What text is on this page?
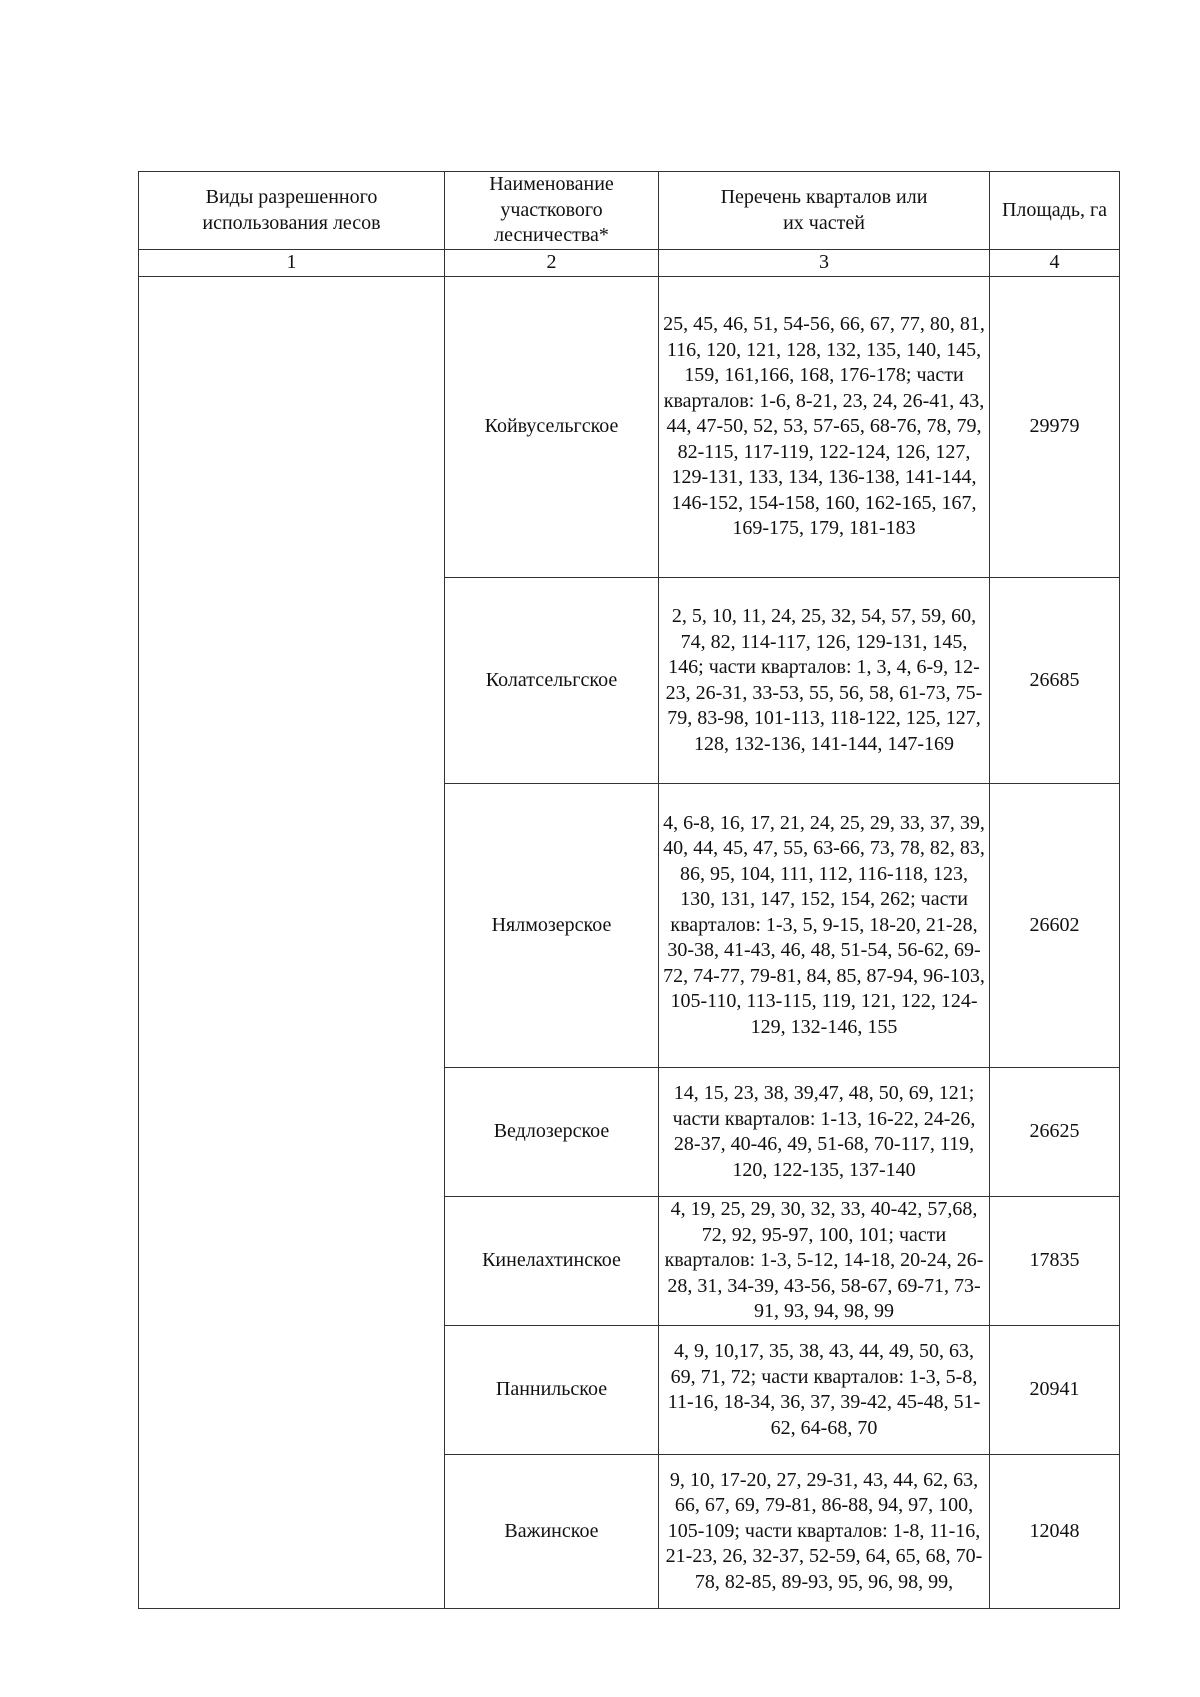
Виды разрешенного использования лесов	Наименование участкового лесничества*	Перечень кварталов или их частей	Площадь, га
1	2	3	4
	Койвусельгское	25, 45, 46, 51, 54-56, 66, 67, 77, 80, 81, 116, 120, 121, 128, 132, 135, 140, 145, 159, 161,166, 168, 176-178; части кварталов: 1-6, 8-21, 23, 24, 26-41, 43, 44, 47-50, 52, 53, 57-65, 68-76, 78, 79, 82-115, 117-119, 122-124, 126, 127, 129-131, 133, 134, 136-138, 141-144, 146-152, 154-158, 160, 162-165, 167, 169-175, 179, 181-183	29979
	Колатсельгское	2, 5, 10, 11, 24, 25, 32, 54, 57, 59, 60, 74, 82, 114-117, 126, 129-131, 145, 146; части кварталов: 1, 3, 4, 6-9, 12-23, 26-31, 33-53, 55, 56, 58, 61-73, 75-79, 83-98, 101-113, 118-122, 125, 127, 128, 132-136, 141-144, 147-169	26685
	Нялмозерское	4, 6-8, 16, 17, 21, 24, 25, 29, 33, 37, 39, 40, 44, 45, 47, 55, 63-66, 73, 78, 82, 83, 86, 95, 104, 111, 112, 116-118, 123, 130, 131, 147, 152, 154, 262; части кварталов: 1-3, 5, 9-15, 18-20, 21-28, 30-38, 41-43, 46, 48, 51-54, 56-62, 69-72, 74-77, 79-81, 84, 85, 87-94, 96-103, 105-110, 113-115, 119, 121, 122, 124-129, 132-146, 155	26602
	Ведлозерское	14, 15, 23, 38, 39,47, 48, 50, 69, 121; части кварталов: 1-13, 16-22, 24-26, 28-37, 40-46, 49, 51-68, 70-117, 119, 120, 122-135, 137-140	26625
	Кинелахтинское	4, 19, 25, 29, 30, 32, 33, 40-42, 57,68, 72, 92, 95-97, 100, 101; части кварталов: 1-3, 5-12, 14-18, 20-24, 26-28, 31, 34-39, 43-56, 58-67, 69-71, 73-91, 93, 94, 98, 99	17835
	Паннильское	4, 9, 10,17, 35, 38, 43, 44, 49, 50, 63, 69, 71, 72; части кварталов: 1-3, 5-8, 11-16, 18-34, 36, 37, 39-42, 45-48, 51-62, 64-68, 70	20941
	Важинское	9, 10, 17-20, 27, 29-31, 43, 44, 62, 63, 66, 67, 69, 79-81, 86-88, 94, 97, 100, 105-109; части кварталов: 1-8, 11-16, 21-23, 26, 32-37, 52-59, 64, 65, 68, 70-78, 82-85, 89-93, 95, 96, 98, 99,	12048
